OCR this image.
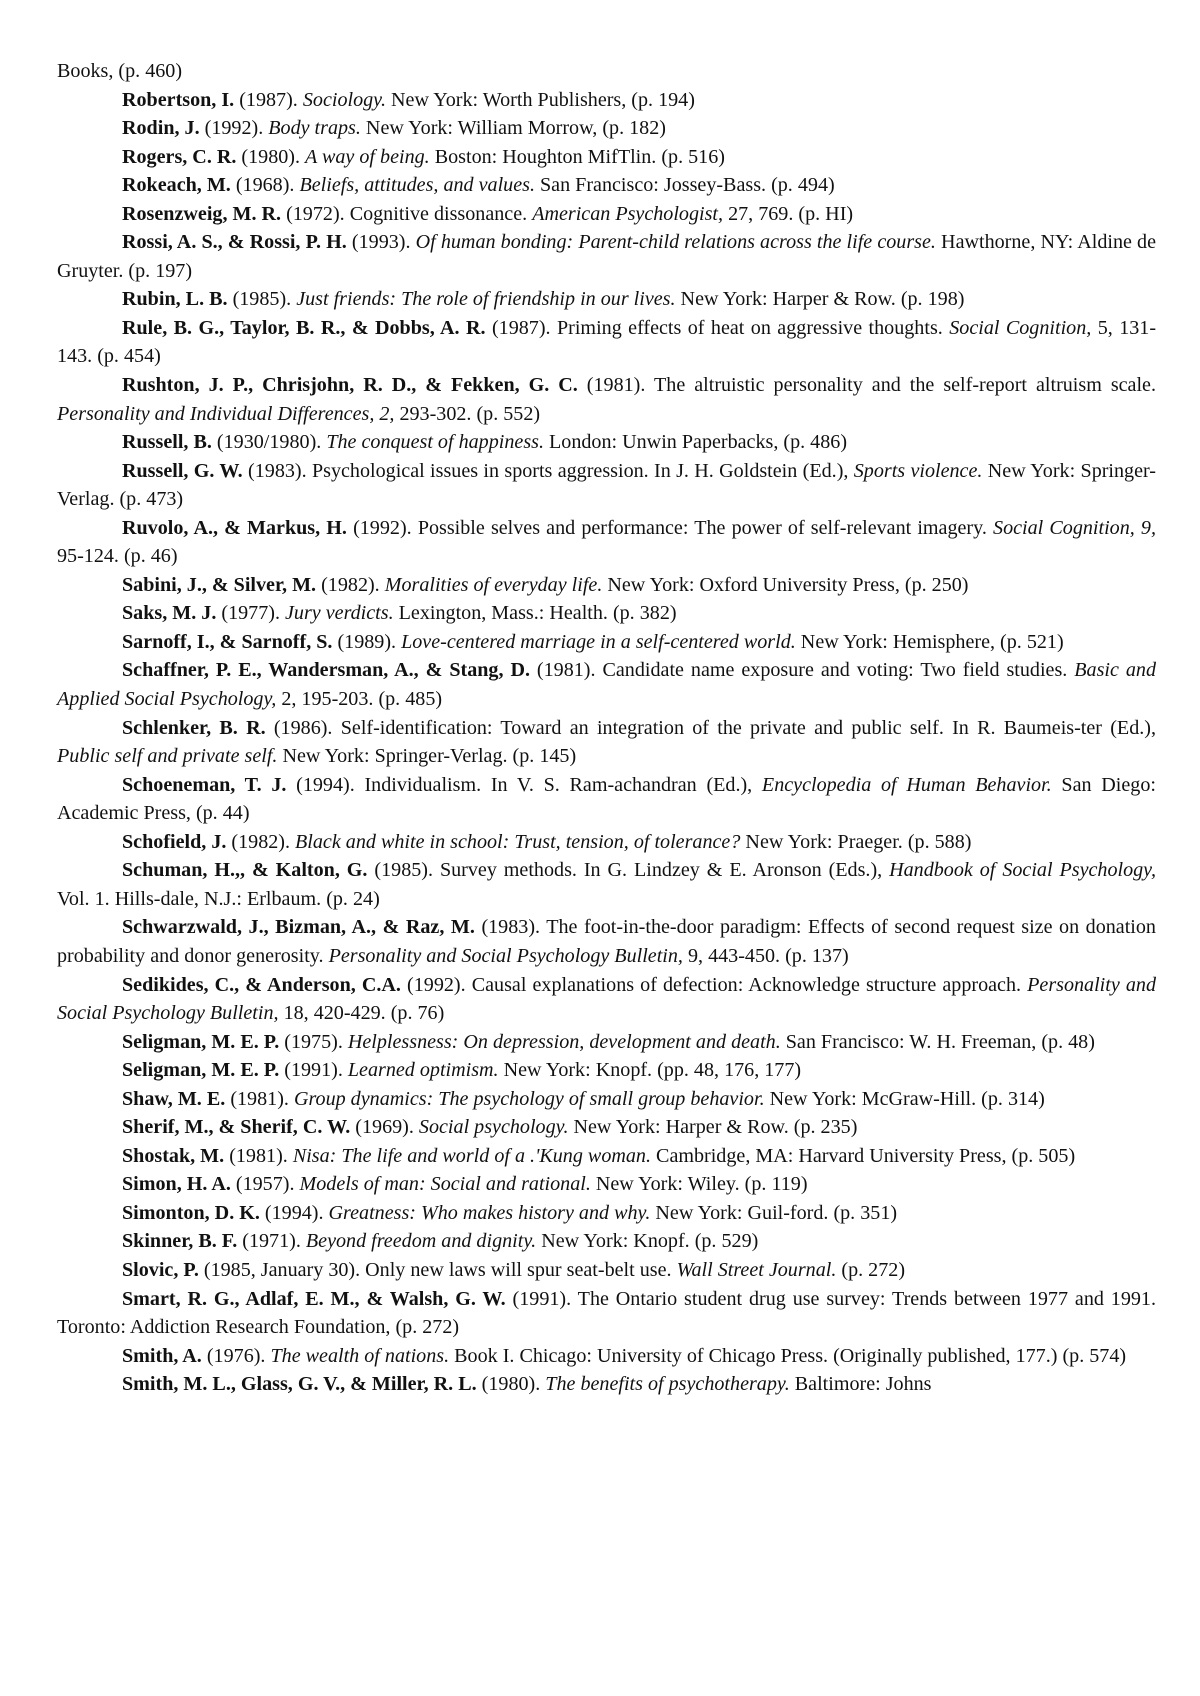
Books, (p. 460)

Robertson, I. (1987). Sociology. New York: Worth Publishers, (p. 194)

Rodin, J. (1992). Body traps. New York: William Morrow, (p. 182)

Rogers, C. R. (1980). A way of being. Boston: Houghton MifTlin. (p. 516)

Rokeach, M. (1968). Beliefs, attitudes, and values. San Francisco: Jossey-Bass. (p. 494)

Rosenzweig, M. R. (1972). Cognitive dissonance. American Psychologist, 27, 769. (p. HI)

Rossi, A. S., & Rossi, P. H. (1993). Of human bonding: Parent-child relations across the life course. Hawthorne, NY: Aldine de Gruyter. (p. 197)

Rubin, L. B. (1985). Just friends: The role of friendship in our lives. New York: Harper & Row. (p. 198)

Rule, B. G., Taylor, B. R., & Dobbs, A. R. (1987). Priming effects of heat on aggressive thoughts. Social Cognition, 5, 131-143. (p. 454)

Rushton, J. P., Chrisjohn, R. D., & Fekken, G. C. (1981). The altruistic personality and the self-report altruism scale. Personality and Individual Differences, 2, 293-302. (p. 552)

Russell, B. (1930/1980). The conquest of happiness. London: Unwin Paperbacks, (p. 486)

Russell, G. W. (1983). Psychological issues in sports aggression. In J. H. Goldstein (Ed.), Sports violence. New York: Springer-Verlag. (p. 473)

Ruvolo, A., & Markus, H. (1992). Possible selves and performance: The power of self-relevant imagery. Social Cognition, 9, 95-124. (p. 46)

Sabini, J., & Silver, M. (1982). Moralities of everyday life. New York: Oxford University Press, (p. 250)

Saks, M. J. (1977). Jury verdicts. Lexington, Mass.: Health. (p. 382)

Sarnoff, I., & Sarnoff, S. (1989). Love-centered marriage in a self-centered world. New York: Hemisphere, (p. 521)

Schaffner, P. E., Wandersman, A., & Stang, D. (1981). Candidate name exposure and voting: Two field studies. Basic and Applied Social Psychology, 2, 195-203. (p. 485)

Schlenker, B. R. (1986). Self-identification: Toward an integration of the private and public self. In R. Baumeis-ter (Ed.), Public self and private self. New York: Springer-Verlag. (p. 145)

Schoeneman, T. J. (1994). Individualism. In V. S. Ram-achandran (Ed.), Encyclopedia of Human Behavior. San Diego: Academic Press, (p. 44)

Schofield, J. (1982). Black and white in school: Trust, tension, of tolerance? New York: Praeger. (p. 588)

Schuman, H.,, & Kalton, G. (1985). Survey methods. In G. Lindzey & E. Aronson (Eds.), Handbook of Social Psychology, Vol. 1. Hills-dale, N.J.: Erlbaum. (p. 24)

Schwarzwald, J., Bizman, A., & Raz, M. (1983). The foot-in-the-door paradigm: Effects of second request size on donation probability and donor generosity. Personality and Social Psychology Bulletin, 9, 443-450. (p. 137)

Sedikides, C., & Anderson, C.A. (1992). Causal explanations of defection: Acknowledge structure approach. Personality and Social Psychology Bulletin, 18, 420-429. (p. 76)

Seligman, M. E. P. (1975). Helplessness: On depression, development and death. San Francisco: W. H. Freeman, (p. 48)

Seligman, M. E. P. (1991). Learned optimism. New York: Knopf. (pp. 48, 176, 177)

Shaw, M. E. (1981). Group dynamics: The psychology of small group behavior. New York: McGraw-Hill. (p. 314)

Sherif, M., & Sherif, C. W. (1969). Social psychology. New York: Harper & Row. (p. 235)

Shostak, M. (1981). Nisa: The life and world of a .'Kung woman. Cambridge, MA: Harvard University Press, (p. 505)

Simon, H. A. (1957). Models of man: Social and rational. New York: Wiley. (p. 119)

Simonton, D. K. (1994). Greatness: Who makes history and why. New York: Guil-ford. (p. 351)

Skinner, B. F. (1971). Beyond freedom and dignity. New York: Knopf. (p. 529)

Slovic, P. (1985, January 30). Only new laws will spur seat-belt use. Wall Street Journal. (p. 272)

Smart, R. G., Adlaf, E. M., & Walsh, G. W. (1991). The Ontario student drug use survey: Trends between 1977 and 1991. Toronto: Addiction Research Foundation, (p. 272)

Smith, A. (1976). The wealth of nations. Book I. Chicago: University of Chicago Press. (Originally published, 177.) (p. 574)

Smith, M. L., Glass, G. V., & Miller, R. L. (1980). The benefits of psychotherapy. Baltimore: Johns
